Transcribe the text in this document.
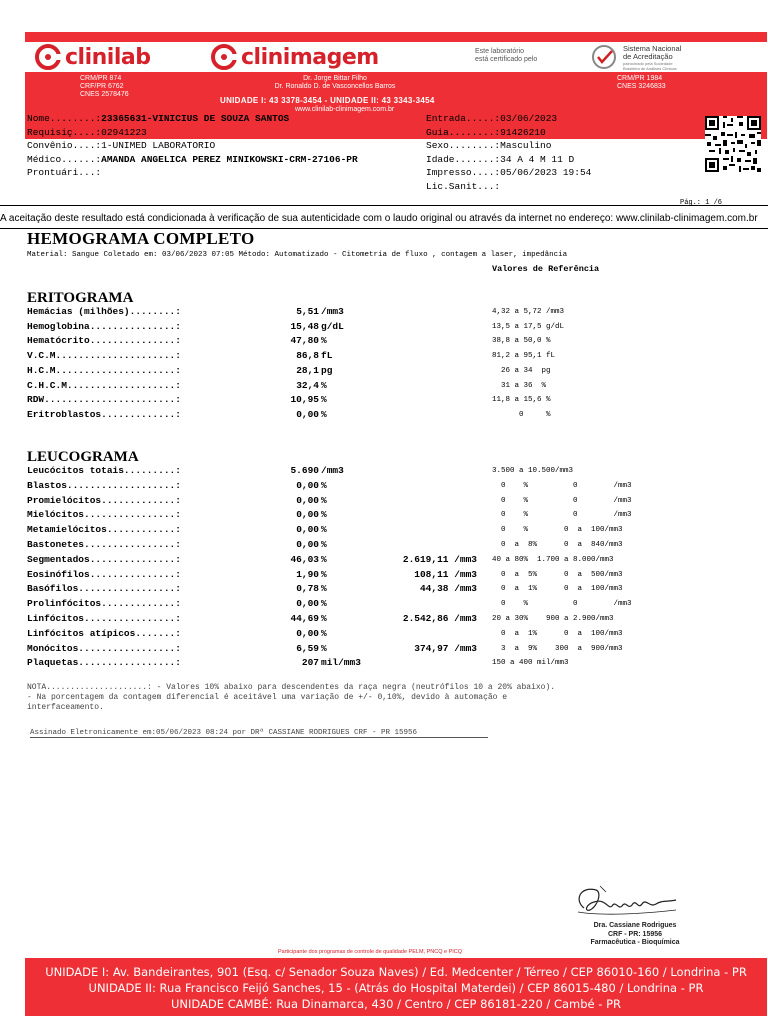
clinilab	clinimagem	Este laboratório
está certificado pelo
Sistema Nacional
de Acreditação
patrocinado pela Sociedade
Brasileira de Análises Clínicas
CRM/PR 874
CRF/PR 6762
CNES 2578476
Dr. Jorge Bittar Filho
Dr. Ronaldo D. de Vasconcellos Barros
UNIDADE I: 43 3378-3454 - UNIDADE II: 43 3343-3454
www.clinilab-clinimagem.com.br
CRM/PR 1984
CNES 3246833
Nome........:23365631-VINICIUS DE SOUZA SANTOS
Requisiç....:02941223
Convênio....:1-UNIMED LABORATORIO
Médico......:AMANDA ANGELICA PEREZ MINIKOWSKI-CRM-27106-PR
Prontuári...:
Entrada.....:03/06/2023
Guia........:91426210
Sexo........:Masculino
Idade.......:34 A 4 M 11 D
Impresso....:05/06/2023 19:54
Lic.Sanit...:
Pág.: 1 /6
A aceitação deste resultado está condicionada à verificação de sua autenticidade com o laudo original ou através da internet no endereço: www.clinilab-clinimagem.com.br
HEMOGRAMA COMPLETO
Material: Sangue Coletado em: 03/06/2023 07:05 Método: Automatizado - Citometria de fluxo , contagem a laser, impedância
Valores de Referência
ERITOGRAMA
Hemácias (milhões)........:	5,51 /mm3	4,32 a 5,72 /mm3
Hemoglobina...............:	15,48 g/dL	13,5 a 17,5 g/dL
Hematócrito...............:	47,80 %	38,8 a 50,0 %
V.C.M.....................:	86,8 fL	81,2 a 95,1 fL
H.C.M.....................:	28,1 pg	26 a 34  pg
C.H.C.M...................:	32,4 %	31 a 36  %
RDW.......................:	10,95 %	11,8 a 15,6 %
Eritroblastos.............:	0,00 %	0     %
LEUCOGRAMA
Leucócitos totais.........:	5.690 /mm3	3.500 a 10.500/mm3
Blastos...................:	0,00 %	0    %          0        /mm3
Promielócitos.............:	0,00 %	0    %          0        /mm3
Mielócitos................:	0,00 %	0    %          0        /mm3
Metamielócitos............:	0,00 %	0    %        0  a  100/mm3
Bastonetes................:	0,00 %	0  a  8%      0  a  840/mm3
Segmentados...............:	46,03 %	2.619,11 /mm3 40 a 80%  1.700 a 8.000/mm3
Eosinófilos...............:	1,90 %	108,11 /mm3 0  a  5%      0  a  500/mm3
Basófilos.................:	0,78 %	44,38 /mm3 0  a  1%      0  a  100/mm3
Prolinfócitos.............:	0,00 %	0    %          0        /mm3
Linfócitos................:	44,69 %	2.542,86 /mm3 20 a 30%    900 a 2.900/mm3
Linfócitos atípicos.......:	0,00 %	0  a  1%      0  a  100/mm3
Monócitos.................:	6,59 %	374,97 /mm3 3  a  9%    300  a  900/mm3
Plaquetas.................:	207 mil/mm3	150 a 400 mil/mm3
NOTA.....................: - Valores 10% abaixo para descendentes da raça negra (neutrófilos 10 a 20% abaixo).
- Na porcentagem da contagem diferencial é aceitável uma variação de +/- 0,10%, devido à automação e
interfaceamento.
Assinado Eletronicamente em:05/06/2023 08:24 por DRª CASSIANE RODRIGUES CRF - PR 15956
Dra. Cassiane Rodrigues
CRF - PR: 15956
Farmacêutica - Bioquímica
Participante dos programas de controle de qualidade PELM, PNCQ e PICQ
UNIDADE I: Av. Bandeirantes, 901 (Esq. c/ Senador Souza Naves) / Ed. Medcenter / Térreo / CEP 86010-160 / Londrina - PR
UNIDADE II: Rua Francisco Feijó Sanches, 15 - (Atrás do Hospital Materdei) / CEP 86015-480 / Londrina - PR
UNIDADE CAMBÉ: Rua Dinamarca, 430 / Centro / CEP 86181-220 / Cambé - PR
